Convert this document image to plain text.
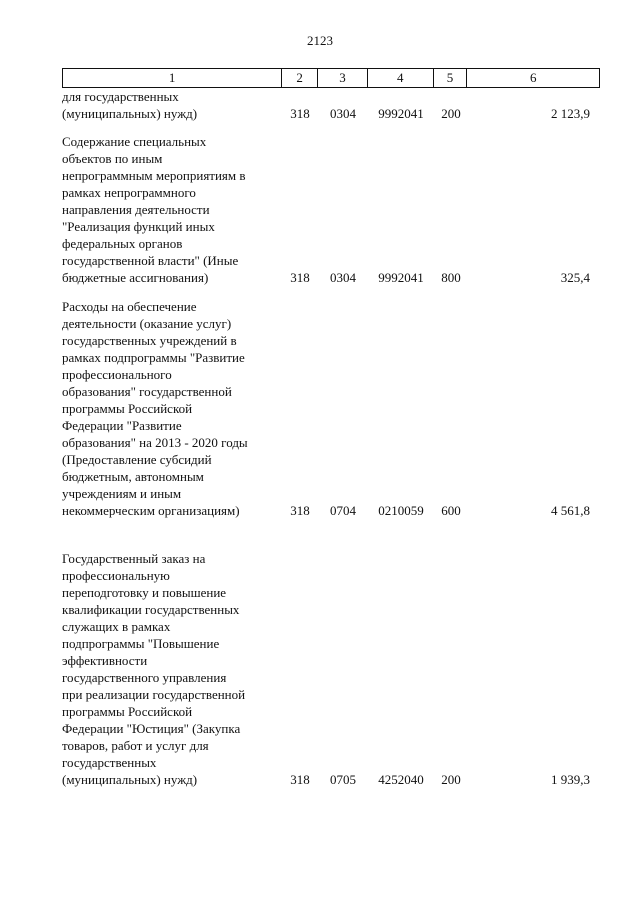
2123
1	2	3	4	5	6
для государственных
(муниципальных) нужд)	318	0304	9992041	200	2 123,9
Содержание специальных
объектов по иным
непрограммным мероприятиям в
рамках непрограммного
направления деятельности
"Реализация функций иных
федеральных органов
государственной власти" (Иные
бюджетные ассигнования)	318	0304	9992041	800	325,4
Расходы на обеспечение
деятельности (оказание услуг)
государственных учреждений в
рамках подпрограммы "Развитие
профессионального
образования" государственной
программы Российской
Федерации "Развитие
образования" на 2013 - 2020 годы
(Предоставление субсидий
бюджетным, автономным
учреждениям и иным
некоммерческим организациям)	318	0704	0210059	600	4 561,8
Государственный заказ на
профессиональную
переподготовку и повышение
квалификации государственных
служащих в рамках
подпрограммы "Повышение
эффективности
государственного управления
при реализации государственной
программы Российской
Федерации "Юстиция" (Закупка
товаров, работ и услуг для
государственных
(муниципальных) нужд)	318	0705	4252040	200	1 939,3
